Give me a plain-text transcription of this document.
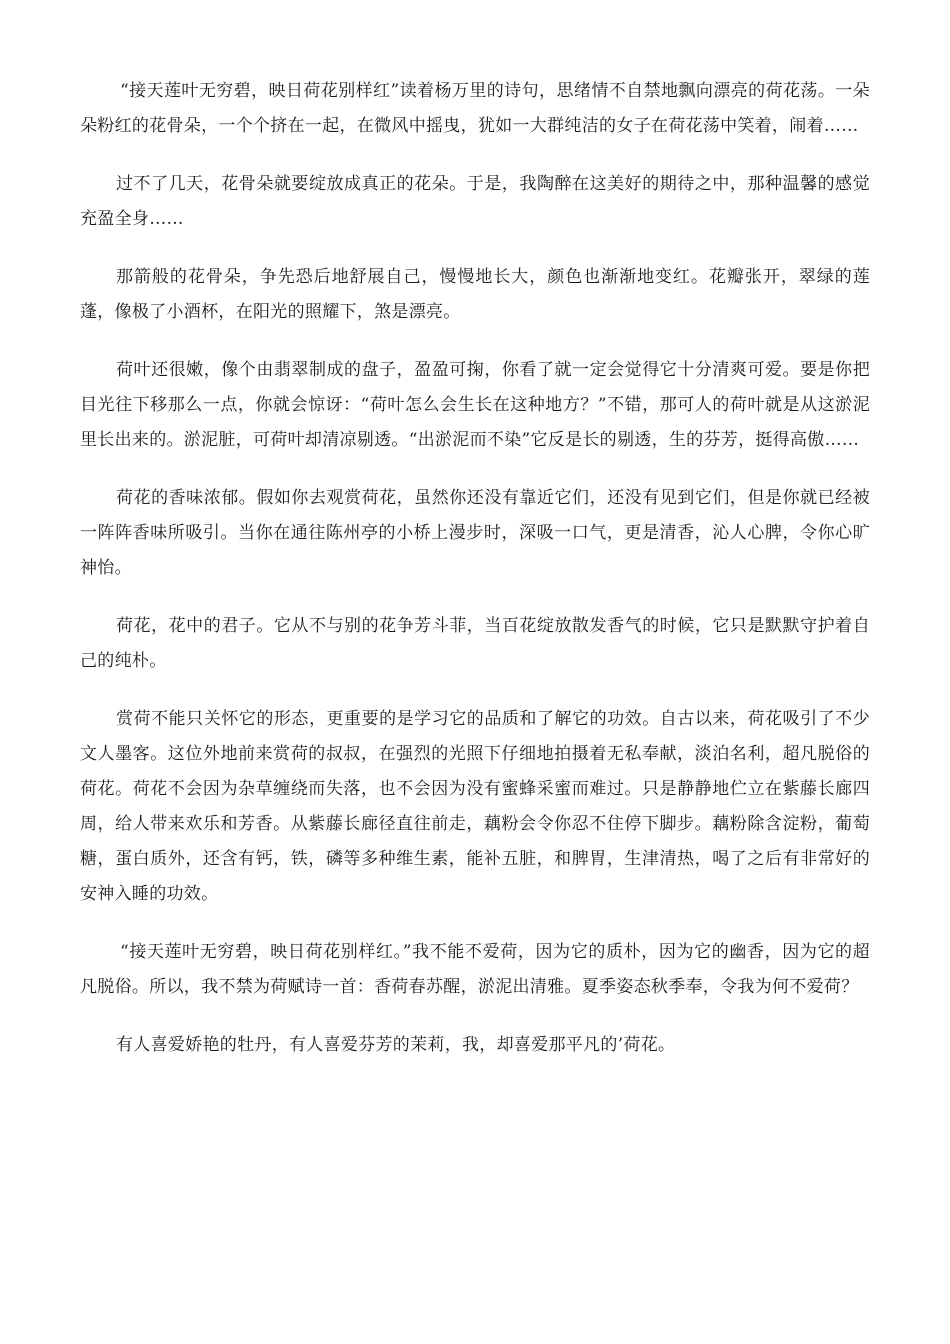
“接天莲叶无穷碧，映日荷花别样红”读着杨万里的诗句，思绪情不自禁地飘向漂亮的荷花荡。一朵朵粉红的花骨朵，一个个挤在一起，在微风中摇曳，犹如一大群纯洁的女子在荷花荡中笑着，闹着……

过不了几天，花骨朵就要绽放成真正的花朵。于是，我陶醉在这美好的期待之中，那种温馨的感觉充盈全身……

那箭般的花骨朵，争先恐后地舒展自己，慢慢地长大，颜色也渐渐地变红。花瓣张开，翠绿的莲蓬，像极了小酒杯，在阳光的照耀下，煞是漂亮。

荷叶还很嫩，像个由翡翠制成的盘子，盈盈可掬，你看了就一定会觉得它十分清爽可爱。要是你把目光往下移那么一点，你就会惊讶：“荷叶怎么会生长在这种地方？”不错，那可人的荷叶就是从这淤泥里长出来的。淤泥脏，可荷叶却清凉剔透。“出淤泥而不染”它反是长的剔透，生的芬芳，挺得高傲……

荷花的香味浓郁。假如你去观赏荷花，虽然你还没有靠近它们，还没有见到它们，但是你就已经被一阵阵香味所吸引。当你在通往陈州亭的小桥上漫步时，深吸一口气，更是清香，沁人心脾，令你心旷神怡。

荷花，花中的君子。它从不与别的花争芳斗菲，当百花绽放散发香气的时候，它只是默默守护着自己的纯朴。

赏荷不能只关怀它的形态，更重要的是学习它的品质和了解它的功效。自古以来，荷花吸引了不少文人墨客。这位外地前来赏荷的叔叔，在强烈的光照下仔细地拍摄着无私奉献，淡泊名利，超凡脱俗的荷花。荷花不会因为杂草缠绕而失落，也不会因为没有蜜蜂采蜜而难过。只是静静地伫立在紫藤长廊四周，给人带来欢乐和芳香。从紫藤长廊径直往前走，藕粉会令你忍不住停下脚步。藕粉除含淀粉，葡萄糖，蛋白质外，还含有钙，铁，磷等多种维生素，能补五脏，和脾胃，生津清热，喝了之后有非常好的安神入睡的功效。

“接天莲叶无穷碧，映日荷花别样红。”我不能不爱荷，因为它的质朴，因为它的幽香，因为它的超凡脱俗。所以，我不禁为荷赋诗一首：香荷春苏醒，淤泥出清雅。夏季姿态秋季奉，令我为何不爱荷？

有人喜爱娇艳的牡丹，有人喜爱芬芳的茉莉，我，却喜爱那平凡的’荷花。
